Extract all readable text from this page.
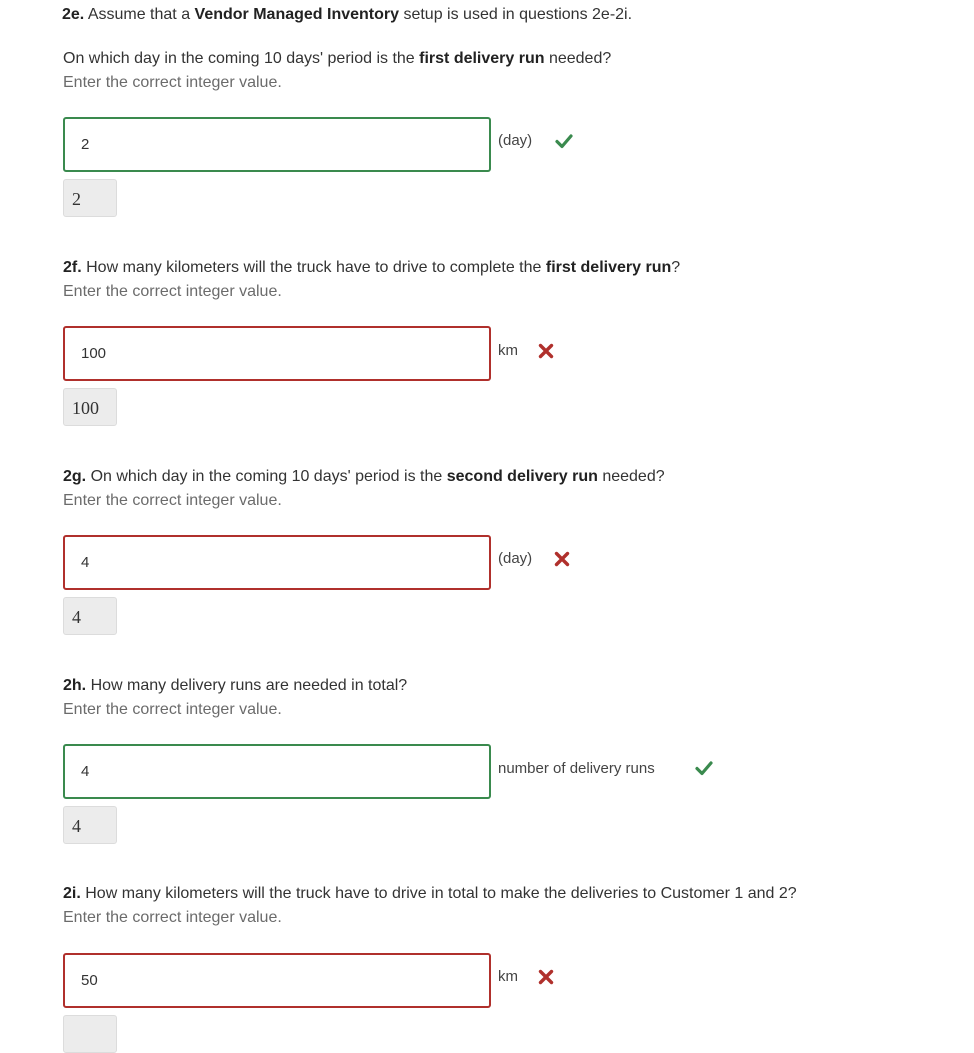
2e. Assume that a Vendor Managed Inventory setup is used in questions 2e-2i.
On which day in the coming 10 days' period is the first delivery run needed?
Enter the correct integer value.
2	(day)
2
2f. How many kilometers will the truck have to drive to complete the first delivery run?
Enter the correct integer value.
100	km
100
2g. On which day in the coming 10 days' period is the second delivery run needed?
Enter the correct integer value.
4	(day)
4
2h. How many delivery runs are needed in total?
Enter the correct integer value.
4	number of delivery runs
4
2i. How many kilometers will the truck have to drive in total to make the deliveries to Customer 1 and 2?
Enter the correct integer value.
50	km
